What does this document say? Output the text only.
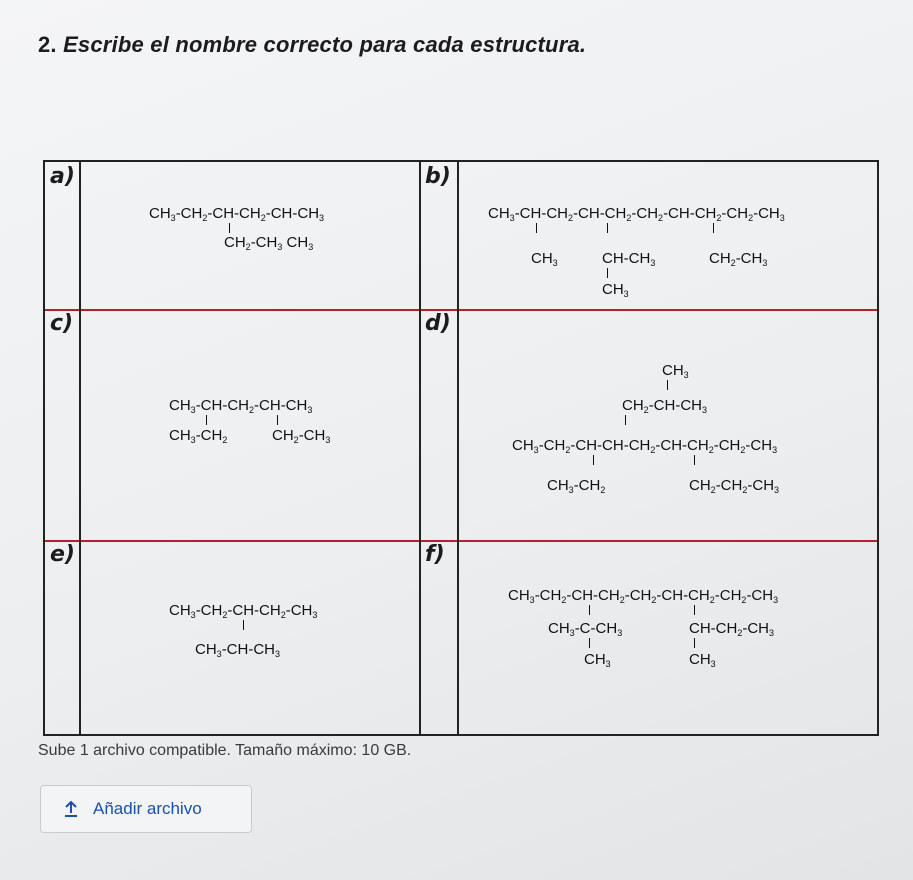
2. Escribe el nombre correcto para cada estructura.
a)	b)
c)	d)
e)	f)
$CH_3-CH_2-CH-CH_2-CH-CH_3$
$CH_2-CH_3$ $CH_3$
$CH_3-CH-CH_2-CH-CH_2-CH_2-CH-CH_2-CH_2-CH_3$
$CH_3$	$CH-CH_3$
$CH_3$
$CH_2-CH_3$
$CH_3-CH-CH_2-CH-CH_3$
$CH_3-CH_2$	$CH_2-CH_3$
$CH_3$
$CH_2-CH-CH_3$
$CH_3-CH_2-CH-CH-CH_2-CH-CH_2-CH_2-CH_3$
$CH_3-CH_2$	$CH_2-CH_2-CH_3$
$CH_3-CH_2-CH-CH_2-CH_3$
$CH_3-CH-CH_3$
$CH_3-CH_2-CH-CH_2-CH_2-CH-CH_2-CH_2-CH_3$
$CH_3-C-CH_3$
$CH_3$
$CH-CH_2-CH_3$
$CH_3$
Sube 1 archivo compatible. Tamaño máximo: 10 GB.
Añadir archivo
